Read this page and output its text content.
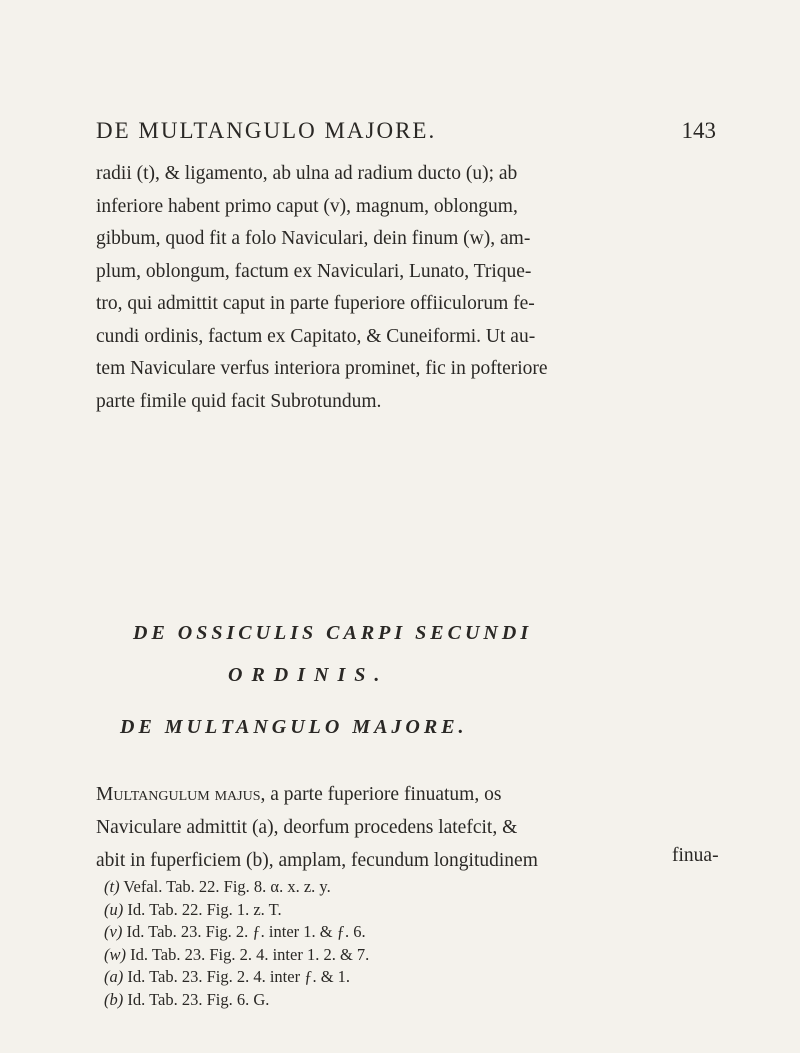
DE MULTANGULO MAJORE.	143
radii (t), & ligamento, ab ulna ad radium ducto (u); ab
inferiore habent primo caput (v), magnum, oblongum,
gibbum, quod fit a folo Naviculari, dein finum (w), am-
plum, oblongum, factum ex Naviculari, Lunato, Trique-
tro, qui admittit caput in parte fuperiore offiiculorum fe-
cundi ordinis, factum ex Capitato, & Cuneiformi. Ut au-
tem Naviculare verfus interiora prominet, fic in pofteriore
parte fimile quid facit Subrotundum.
DE OSSICULIS CARPI SECUNDI
ORDINIS.
DE MULTANGULO MAJORE.
Multangulum majus, a parte fuperiore finuatum, os
Naviculare admittit (a), deorfum procedens latefcit, &
abit in fuperficiem (b), amplam, fecundum longitudinem	finua-
(t) Vefal. Tab. 22. Fig. 8. α. x. z. y.
(u) Id. Tab. 22. Fig. 1. z. T.
(v) Id. Tab. 23. Fig. 2. ƒ. inter 1. & ƒ. 6.
(w) Id. Tab. 23. Fig. 2. 4. inter 1. 2. & 7.
(a) Id. Tab. 23. Fig. 2. 4. inter ƒ. & 1.
(b) Id. Tab. 23. Fig. 6. G.
